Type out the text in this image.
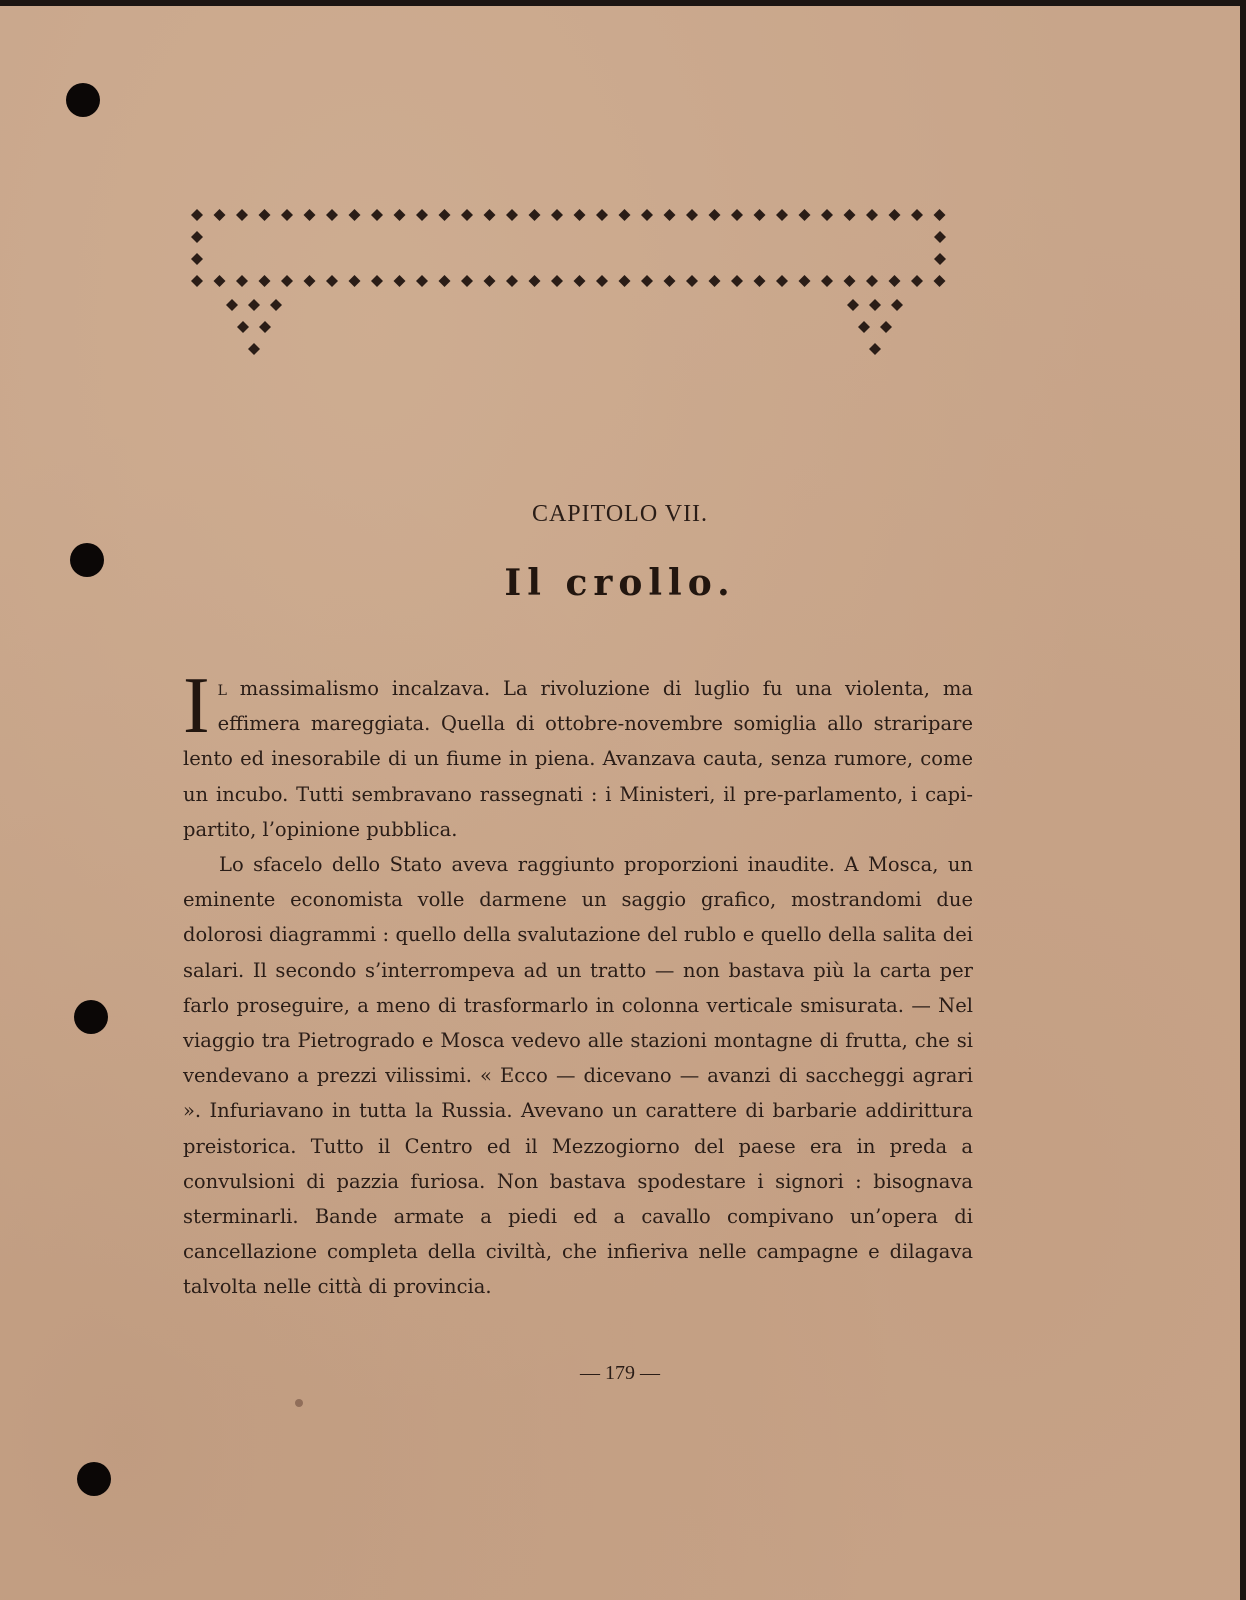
CAPITOLO VII.
Il crollo.

Il massimalismo incalzava. La rivoluzione di luglio fu una violenta, ma effimera mareggiata. Quella di ottobre-novembre somiglia allo straripare lento ed inesorabile di un fiume in piena. Avanzava cauta, senza rumore, come un incubo. Tutti sembravano rassegnati : i Ministeri, il pre-parlamento, i capi-partito, l’opinione pubblica.

Lo sfacelo dello Stato aveva raggiunto proporzioni inaudite. A Mosca, un eminente economista volle darmene un saggio grafico, mostrandomi due dolorosi diagrammi : quello della svalutazione del rublo e quello della salita dei salari. Il secondo s’interrompeva ad un tratto — non bastava più la carta per farlo proseguire, a meno di trasformarlo in colonna verticale smisurata. — Nel viaggio tra Pietrogrado e Mosca vedevo alle stazioni montagne di frutta, che si vendevano a prezzi vilissimi. « Ecco — dicevano — avanzi di saccheggi agrari ». Infuriavano in tutta la Russia. Avevano un carattere di barbarie addirittura preistorica. Tutto il Centro ed il Mezzogiorno del paese era in preda a convulsioni di pazzia furiosa. Non bastava spodestare i signori : bisognava sterminarli. Bande armate a piedi ed a cavallo compivano un’opera di cancellazione completa della civiltà, che infieriva nelle campagne e dilagava talvolta nelle città di provincia.

— 179 —
